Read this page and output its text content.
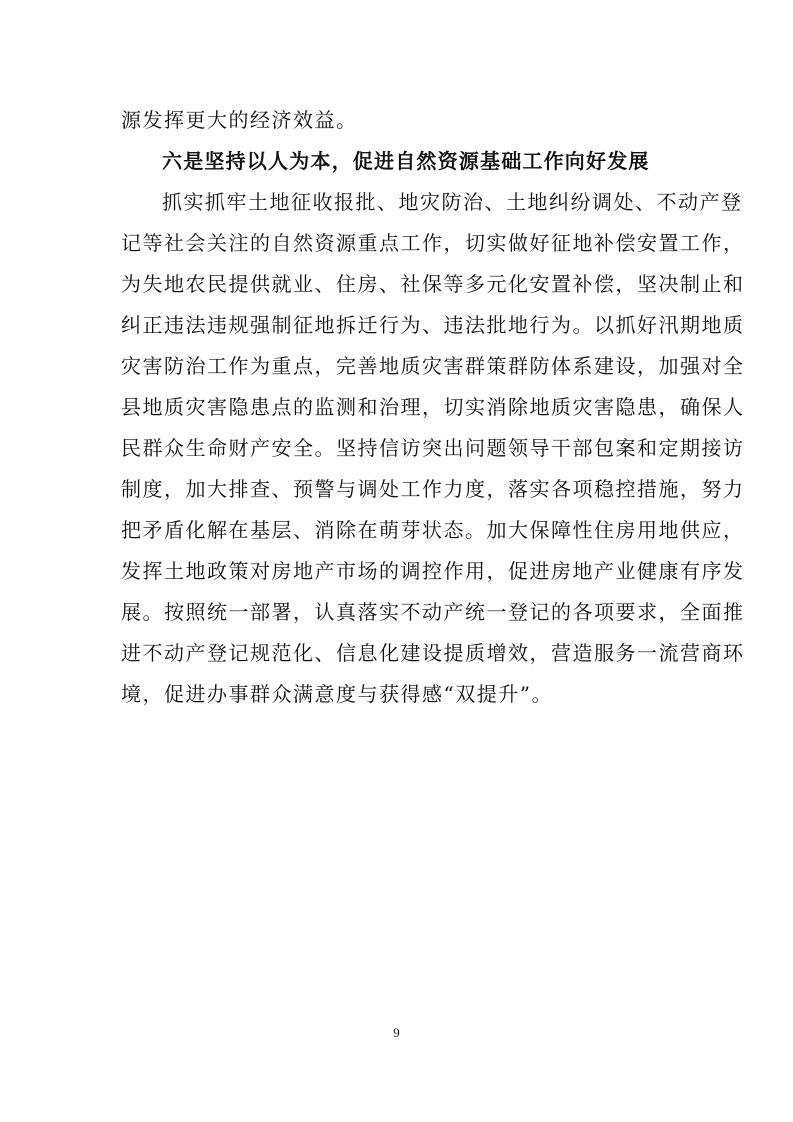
源发挥更大的经济效益。
六是坚持以人为本，促进自然资源基础工作向好发展
抓实抓牢土地征收报批、地灾防治、土地纠纷调处、不动产登
记等社会关注的自然资源重点工作，切实做好征地补偿安置工作，
为失地农民提供就业、住房、社保等多元化安置补偿，坚决制止和
纠正违法违规强制征地拆迁行为、违法批地行为。以抓好汛期地质
灾害防治工作为重点，完善地质灾害群策群防体系建设，加强对全
县地质灾害隐患点的监测和治理，切实消除地质灾害隐患，确保人
民群众生命财产安全。坚持信访突出问题领导干部包案和定期接访
制度，加大排查、预警与调处工作力度，落实各项稳控措施，努力
把矛盾化解在基层、消除在萌芽状态。加大保障性住房用地供应，
发挥土地政策对房地产市场的调控作用，促进房地产业健康有序发
展。按照统一部署，认真落实不动产统一登记的各项要求，全面推
进不动产登记规范化、信息化建设提质增效，营造服务一流营商环
境，促进办事群众满意度与获得感“双提升”。
9
